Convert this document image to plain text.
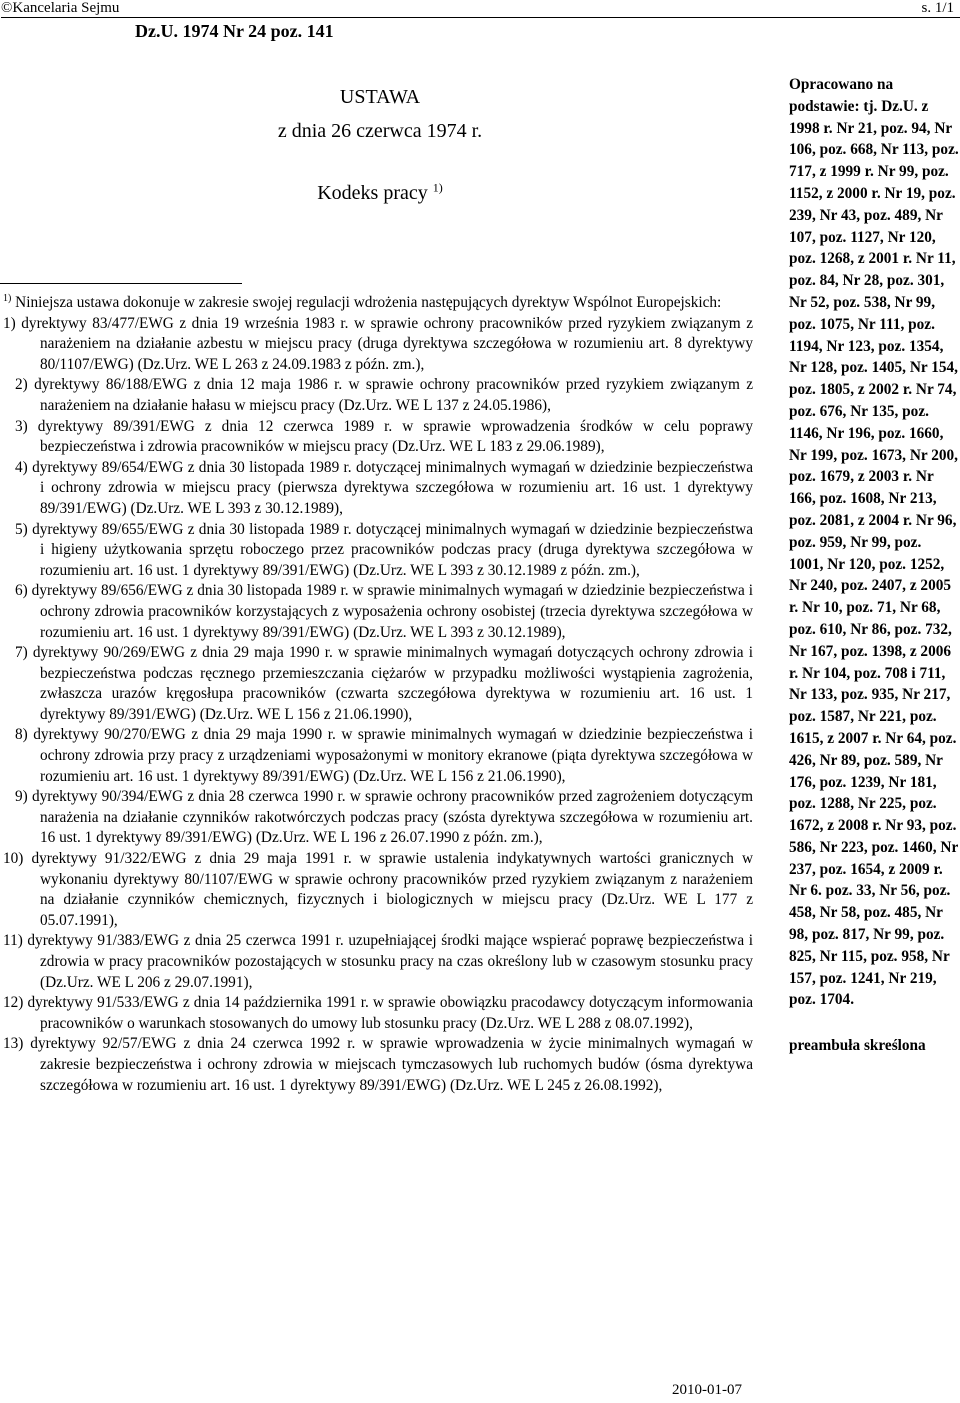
©Kancelaria Sejmu	s. 1/1
Dz.U. 1974 Nr 24 poz. 141
USTAWA
z dnia 26 czerwca 1974 r.
Kodeks pracy $^{1)}$

$^{1)}$ Niniejsza ustawa dokonuje w zakresie swojej regulacji wdrożenia następujących dyrektyw Wspólnot Europejskich:

1) dyrektywy 83/477/EWG z dnia 19 września 1983 r. w sprawie ochrony pracowników przed ryzykiem związanym z narażeniem na działanie azbestu w miejscu pracy (druga dyrektywa szczegółowa w rozumieniu art. 8 dyrektywy 80/1107/EWG) (Dz.Urz. WE L 263 z 24.09.1983 z późn. zm.),

2) dyrektywy 86/188/EWG z dnia 12 maja 1986 r. w sprawie ochrony pracowników przed ryzykiem związanym z narażeniem na działanie hałasu w miejscu pracy (Dz.Urz. WE L 137 z 24.05.1986),

3) dyrektywy 89/391/EWG z dnia 12 czerwca 1989 r. w sprawie wprowadzenia środków w celu poprawy bezpieczeństwa i zdrowia pracowników w miejscu pracy (Dz.Urz. WE L 183 z 29.06.1989),

4) dyrektywy 89/654/EWG z dnia 30 listopada 1989 r. dotyczącej minimalnych wymagań w dziedzinie bezpieczeństwa i ochrony zdrowia w miejscu pracy (pierwsza dyrektywa szczegółowa w rozumieniu art. 16 ust. 1 dyrektywy 89/391/EWG) (Dz.Urz. WE L 393 z 30.12.1989),

5) dyrektywy 89/655/EWG z dnia 30 listopada 1989 r. dotyczącej minimalnych wymagań w dziedzinie bezpieczeństwa i higieny użytkowania sprzętu roboczego przez pracowników podczas pracy (druga dyrektywa szczegółowa w rozumieniu art. 16 ust. 1 dyrektywy 89/391/EWG) (Dz.Urz. WE L 393 z 30.12.1989 z późn. zm.),

6) dyrektywy 89/656/EWG z dnia 30 listopada 1989 r. w sprawie minimalnych wymagań w dziedzinie bezpieczeństwa i ochrony zdrowia pracowników korzystających z wyposażenia ochrony osobistej (trzecia dyrektywa szczegółowa w rozumieniu art. 16 ust. 1 dyrektywy 89/391/EWG) (Dz.Urz. WE L 393 z 30.12.1989),

7) dyrektywy 90/269/EWG z dnia 29 maja 1990 r. w sprawie minimalnych wymagań dotyczących ochrony zdrowia i bezpieczeństwa podczas ręcznego przemieszczania ciężarów w przypadku możliwości wystąpienia zagrożenia, zwłaszcza urazów kręgosłupa pracowników (czwarta szczegółowa dyrektywa w rozumieniu art. 16 ust. 1 dyrektywy 89/391/EWG) (Dz.Urz. WE L 156 z 21.06.1990),

8) dyrektywy 90/270/EWG z dnia 29 maja 1990 r. w sprawie minimalnych wymagań w dziedzinie bezpieczeństwa i ochrony zdrowia przy pracy z urządzeniami wyposażonymi w monitory ekranowe (piąta dyrektywa szczegółowa w rozumieniu art. 16 ust. 1 dyrektywy 89/391/EWG) (Dz.Urz. WE L 156 z 21.06.1990),

9) dyrektywy 90/394/EWG z dnia 28 czerwca 1990 r. w sprawie ochrony pracowników przed zagrożeniem dotyczącym narażenia na działanie czynników rakotwórczych podczas pracy (szósta dyrektywa szczegółowa w rozumieniu art. 16 ust. 1 dyrektywy 89/391/EWG) (Dz.Urz. WE L 196 z 26.07.1990 z późn. zm.),

10) dyrektywy 91/322/EWG z dnia 29 maja 1991 r. w sprawie ustalenia indykatywnych wartości granicznych w wykonaniu dyrektywy 80/1107/EWG w sprawie ochrony pracowników przed ryzykiem związanym z narażeniem na działanie czynników chemicznych, fizycznych i biologicznych w miejscu pracy (Dz.Urz. WE L 177 z 05.07.1991),

11) dyrektywy 91/383/EWG z dnia 25 czerwca 1991 r. uzupełniającej środki mające wspierać poprawę bezpieczeństwa i zdrowia w pracy pracowników pozostających w stosunku pracy na czas określony lub w czasowym stosunku pracy (Dz.Urz. WE L 206 z 29.07.1991),

12) dyrektywy 91/533/EWG z dnia 14 października 1991 r. w sprawie obowiązku pracodawcy dotyczącym informowania pracowników o warunkach stosowanych do umowy lub stosunku pracy (Dz.Urz. WE L 288 z 08.07.1992),

13) dyrektywy 92/57/EWG z dnia 24 czerwca 1992 r. w sprawie wprowadzenia w życie minimalnych wymagań w zakresie bezpieczeństwa i ochrony zdrowia w miejscach tymczasowych lub ruchomych budów (ósma dyrektywa szczegółowa w rozumieniu art. 16 ust. 1 dyrektywy 89/391/EWG) (Dz.Urz. WE L 245 z 26.08.1992),

Opracowano na podstawie: tj. Dz.U. z 1998 r. Nr 21, poz. 94, Nr 106, poz. 668, Nr 113, poz. 717, z 1999 r. Nr 99, poz. 1152, z 2000 r. Nr 19, poz. 239, Nr 43, poz. 489, Nr 107, poz. 1127, Nr 120, poz. 1268, z 2001 r. Nr 11, poz. 84, Nr 28, poz. 301, Nr 52, poz. 538, Nr 99, poz. 1075, Nr 111, poz. 1194, Nr 123, poz. 1354, Nr 128, poz. 1405, Nr 154, poz. 1805, z 2002 r. Nr 74, poz. 676, Nr 135, poz. 1146, Nr 196, poz. 1660, Nr 199, poz. 1673, Nr 200, poz. 1679, z 2003 r. Nr 166, poz. 1608, Nr 213, poz. 2081, z 2004 r. Nr 96, poz. 959, Nr 99, poz. 1001, Nr 120, poz. 1252, Nr 240, poz. 2407, z 2005 r. Nr 10, poz. 71, Nr 68, poz. 610, Nr 86, poz. 732, Nr 167, poz. 1398, z 2006 r. Nr 104, poz. 708 i 711, Nr 133, poz. 935, Nr 217, poz. 1587, Nr 221, poz. 1615, z 2007 r. Nr 64, poz. 426, Nr 89, poz. 589, Nr 176, poz. 1239, Nr 181, poz. 1288, Nr 225, poz. 1672, z 2008 r. Nr 93, poz. 586, Nr 223, poz. 1460, Nr 237, poz. 1654, z 2009 r. Nr 6. poz. 33, Nr 56, poz. 458, Nr 58, poz. 485, Nr 98, poz. 817, Nr 99, poz. 825, Nr 115, poz. 958, Nr 157, poz. 1241, Nr 219, poz. 1704.

preambuła skreślona

2010-01-07
